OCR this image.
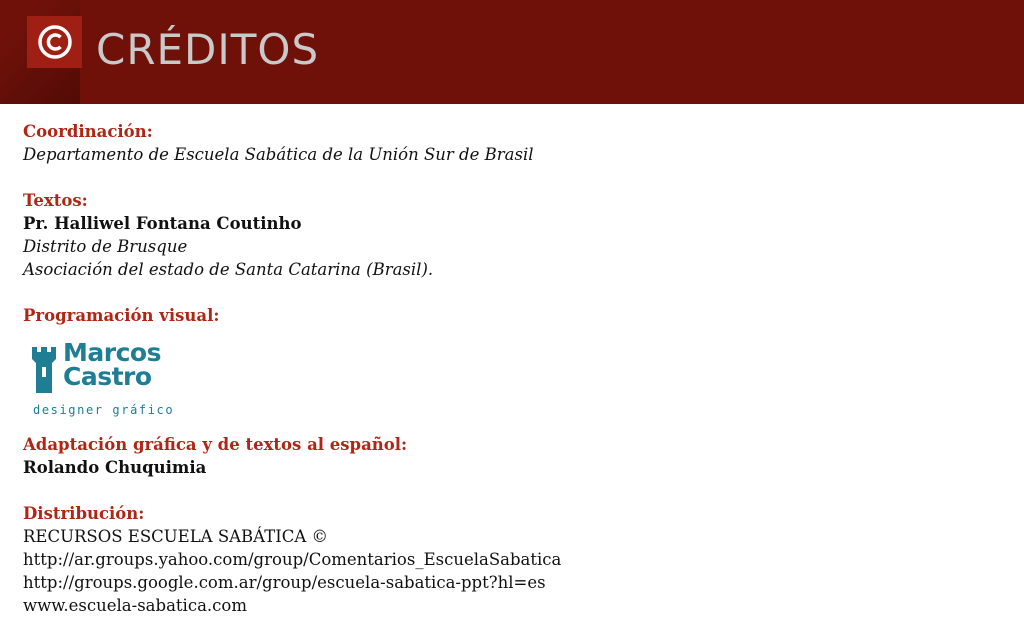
CRÉDITOS
Coordinación:
Departamento de Escuela Sabática de la Unión Sur de Brasil
Textos:
Pr. Halliwel Fontana Coutinho
Distrito de Brusque
Asociación del estado de Santa Catarina (Brasil).
Programación visual:
Marcos
Castro
designer gráfico
Adaptación gráfica y de textos al español:
Rolando Chuquimia
Distribución:
RECURSOS ESCUELA SABÁTICA ©
http://ar.groups.yahoo.com/group/Comentarios_EscuelaSabatica
http://groups.google.com.ar/group/escuela-sabatica-ppt?hl=es
www.escuela-sabatica.com
